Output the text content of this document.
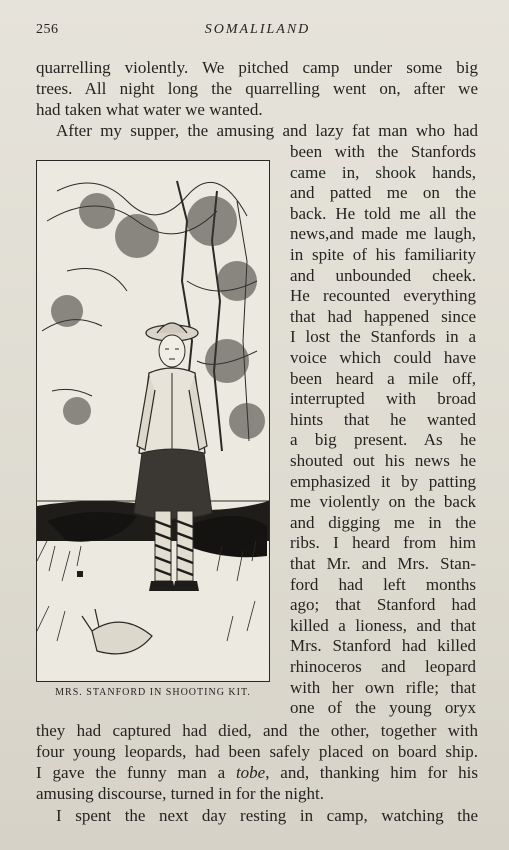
256	SOMALILAND
quarrelling violently. We pitched camp under some big
trees. All night long the quarrelling went on, after we
had taken what water we wanted.
After my supper, the amusing and lazy fat man who had
been with the Stanfords
came in, shook hands,
and patted me on the
back. He told me all the
news,and made me laugh,
in spite of his familiarity
and unbounded cheek.
He recounted everything
that had happened since
I lost the Stanfords in a
voice which could have
been heard a mile off,
interrupted with broad
hints that he wanted
a big present. As he
shouted out his news he
emphasized it by patting
me violently on the back
and digging me in the
ribs. I heard from him
that Mr. and Mrs. Stan-
ford had left months
ago; that Stanford had
killed a lioness, and that
Mrs. Stanford had killed
rhinoceros and leopard
with her own rifle; that
one of the young oryx
MRS. STANFORD IN SHOOTING KIT.
they had captured had died, and the other, together with
four young leopards, had been safely placed on board ship.
I gave the funny man a tobe, and, thanking him for his
amusing discourse, turned in for the night.
I spent the next day resting in camp, watching the
